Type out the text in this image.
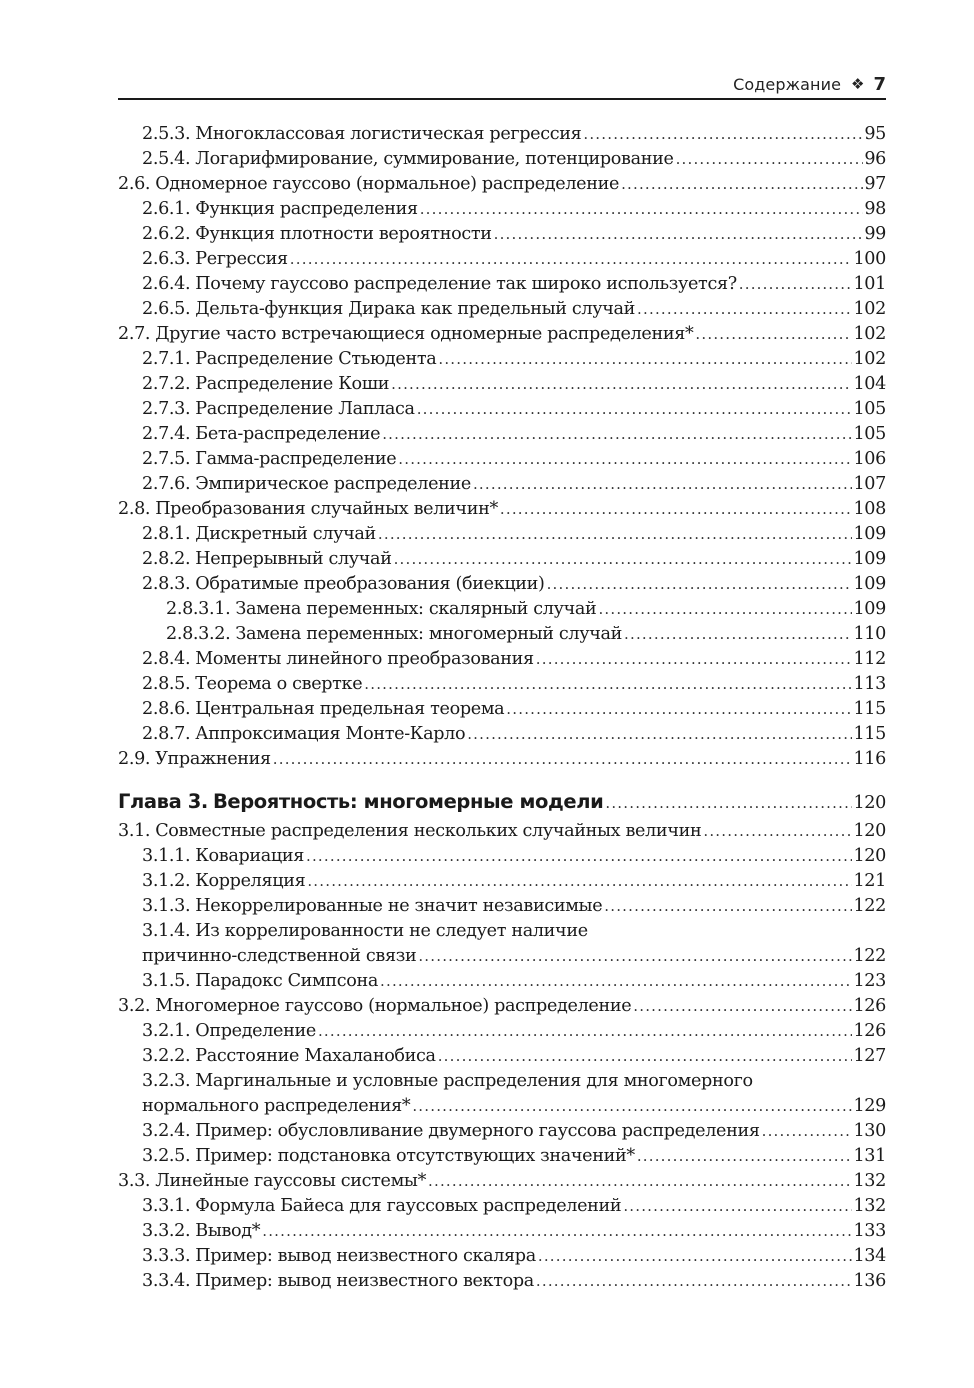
Содержание ❖ 7
2.5.3. Многоклассовая логистическая регрессия .....	95
2.5.4. Логарифмирование, суммирование, потенцирование .....	96
2.6. Одномерное гауссово (нормальное) распределение .....	97
2.6.1. Функция распределения .....	98
2.6.2. Функция плотности вероятности .....	99
2.6.3. Регрессия .....	100
2.6.4. Почему гауссово распределение так широко используется? .....	101
2.6.5. Дельта-функция Дирака как предельный случай .....	102
2.7. Другие часто встречающиеся одномерные распределения* .....	102
2.7.1. Распределение Стьюдента .....	102
2.7.2. Распределение Коши .....	104
2.7.3. Распределение Лапласа .....	105
2.7.4. Бета-распределение .....	105
2.7.5. Гамма-распределение .....	106
2.7.6. Эмпирическое распределение .....	107
2.8. Преобразования случайных величин* .....	108
2.8.1. Дискретный случай .....	109
2.8.2. Непрерывный случай .....	109
2.8.3. Обратимые преобразования (биекции) .....	109
2.8.3.1. Замена переменных: скалярный случай .....	109
2.8.3.2. Замена переменных: многомерный случай .....	110
2.8.4. Моменты линейного преобразования .....	112
2.8.5. Теорема о свертке .....	113
2.8.6. Центральная предельная теорема .....	115
2.8.7. Аппроксимация Монте-Карло .....	115
2.9. Упражнения .....	116
Глава 3. Вероятность: многомерные модели .....	120
3.1. Совместные распределения нескольких случайных величин .....	120
3.1.1. Ковариация .....	120
3.1.2. Корреляция .....	121
3.1.3. Некоррелированные не значит независимые .....	122
3.1.4. Из коррелированности не следует наличие
причинно-следственной связи .....	122
3.1.5. Парадокс Симпсона .....	123
3.2. Многомерное гауссово (нормальное) распределение .....	126
3.2.1. Определение .....	126
3.2.2. Расстояние Махаланобиса .....	127
3.2.3. Маргинальные и условные распределения для многомерного
нормального распределения* .....	129
3.2.4. Пример: обусловливание двумерного гауссова распределения .....	130
3.2.5. Пример: подстановка отсутствующих значений* .....	131
3.3. Линейные гауссовы системы* .....	132
3.3.1. Формула Байеса для гауссовых распределений .....	132
3.3.2. Вывод* .....	133
3.3.3. Пример: вывод неизвестного скаляра .....	134
3.3.4. Пример: вывод неизвестного вектора .....	136
